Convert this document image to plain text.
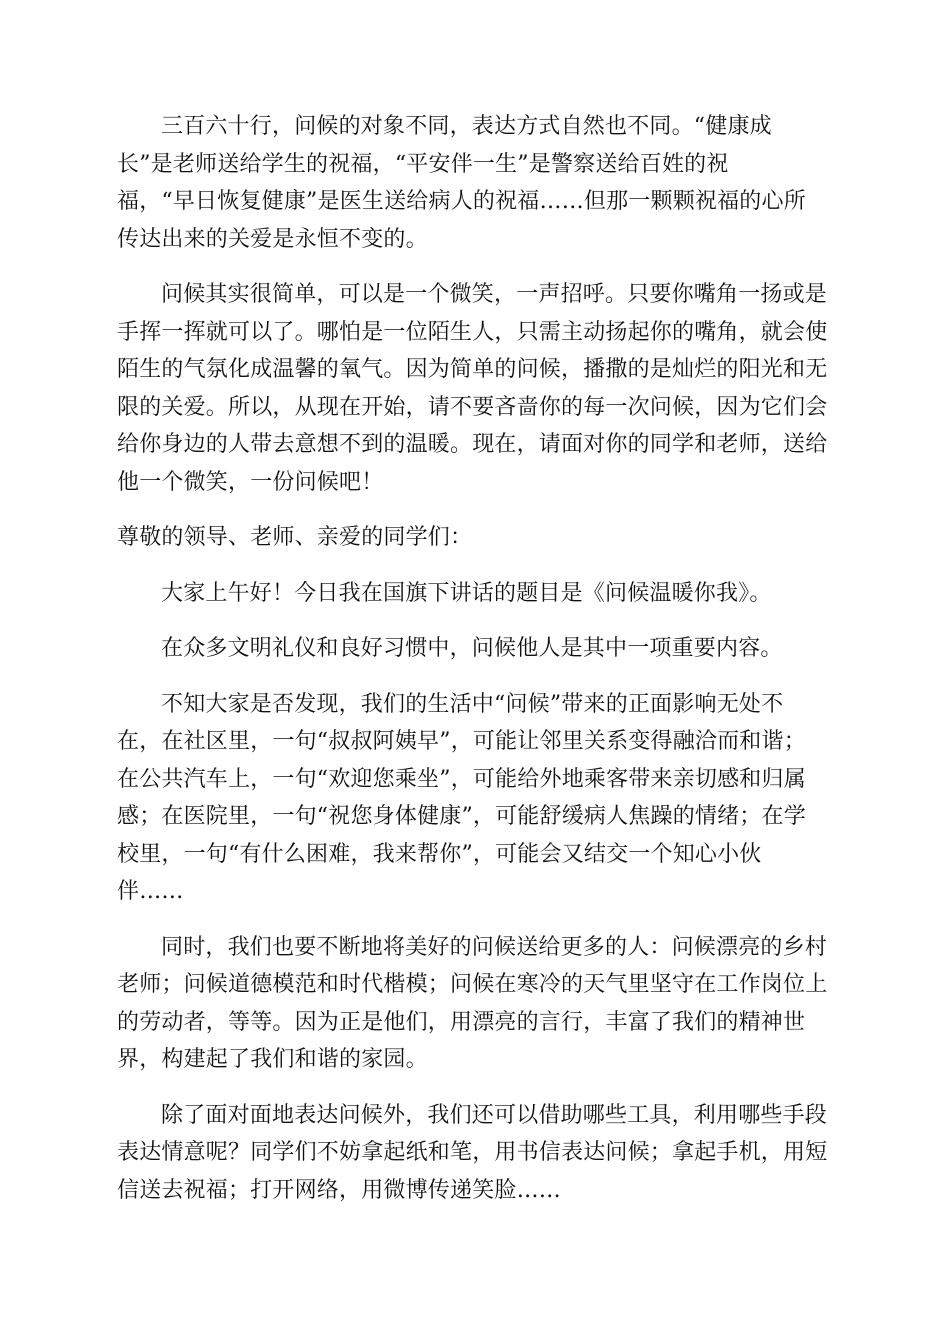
三百六十行，问候的对象不同，表达方式自然也不同。“健康成
长”是老师送给学生的祝福，“平安伴一生”是警察送给百姓的祝
福，“早日恢复健康”是医生送给病人的祝福……但那一颗颗祝福的心所
传达出来的关爱是永恒不变的。

问候其实很简单，可以是一个微笑，一声招呼。只要你嘴角一扬或是
手挥一挥就可以了。哪怕是一位陌生人，只需主动扬起你的嘴角，就会使
陌生的气氛化成温馨的氧气。因为简单的问候，播撒的是灿烂的阳光和无
限的关爱。所以，从现在开始，请不要吝啬你的每一次问候，因为它们会
给你身边的人带去意想不到的温暖。现在，请面对你的同学和老师，送给
他一个微笑，一份问候吧！

尊敬的领导、老师、亲爱的同学们：

大家上午好！今日我在国旗下讲话的题目是《问候温暖你我》。

在众多文明礼仪和良好习惯中，问候他人是其中一项重要内容。

不知大家是否发现，我们的生活中“问候”带来的正面影响无处不
在，在社区里，一句“叔叔阿姨早”，可能让邻里关系变得融洽而和谐；
在公共汽车上，一句“欢迎您乘坐”，可能给外地乘客带来亲切感和归属
感；在医院里，一句“祝您身体健康”，可能舒缓病人焦躁的情绪；在学
校里，一句“有什么困难，我来帮你”，可能会又结交一个知心小伙
伴……

同时，我们也要不断地将美好的问候送给更多的人：问候漂亮的乡村
老师；问候道德模范和时代楷模；问候在寒冷的天气里坚守在工作岗位上
的劳动者，等等。因为正是他们，用漂亮的言行，丰富了我们的精神世
界，构建起了我们和谐的家园。

除了面对面地表达问候外，我们还可以借助哪些工具，利用哪些手段
表达情意呢？同学们不妨拿起纸和笔，用书信表达问候；拿起手机，用短
信送去祝福；打开网络，用微博传递笑脸……
